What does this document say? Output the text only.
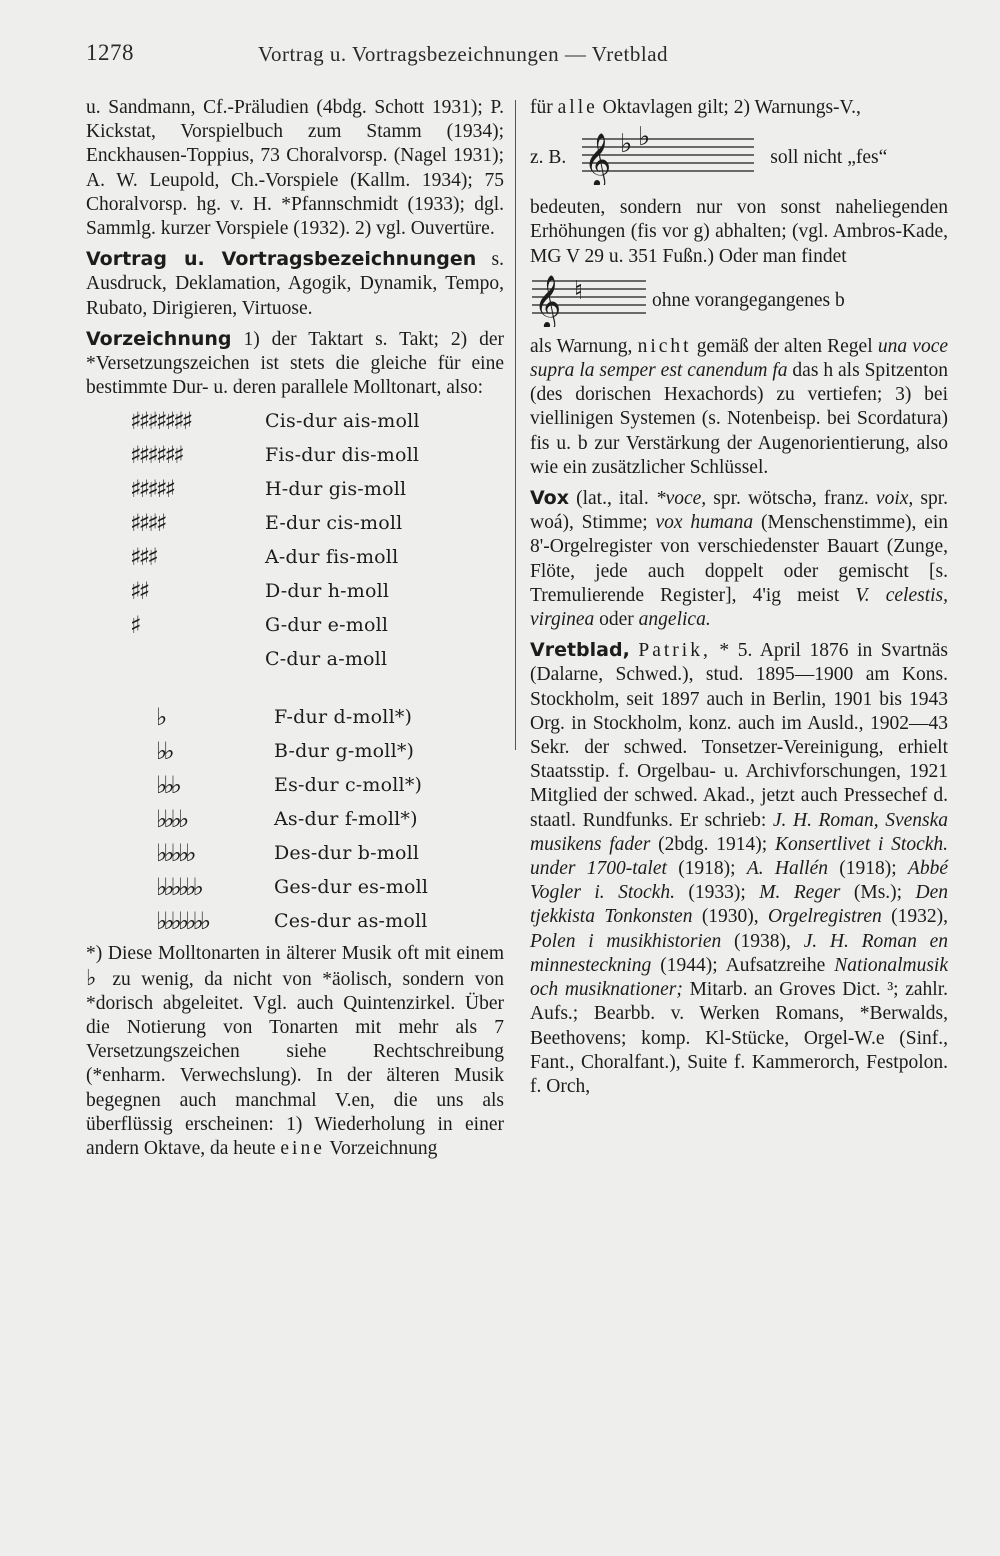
1278	Vortrag u. Vortragsbezeichnungen — Vretblad

u. Sandmann, Cf.-Präludien (4bdg. Schott 1931); P. Kickstat, Vorspielbuch zum Stamm (1934); Enckhausen-Toppius, 73 Choralvorsp. (Nagel 1931); A. W. Leupold, Ch.-Vorspiele (Kallm. 1934); 75 Choralvorsp. hg. v. H. *Pfannschmidt (1933); dgl. Sammlg. kurzer Vorspiele (1932). 2) vgl. Ouvertüre.

Vortrag u. Vortragsbezeichnungen s. Ausdruck, Deklamation, Agogik, Dynamik, Tempo, Rubato, Dirigieren, Virtuose.

Vorzeichnung 1) der Taktart s. Takt; 2) der *Versetzungszeichen ist stets die gleiche für eine bestimmte Dur- u. deren parallele Molltonart, also:

♯♯♯♯♯♯♯	Cis-dur ais-moll
♯♯♯♯♯♯	Fis-dur dis-moll
♯♯♯♯♯	H-dur gis-moll
♯♯♯♯	E-dur cis-moll
♯♯♯	A-dur fis-moll
♯♯	D-dur h-moll
♯	G-dur e-moll
C-dur a-moll
♭	F-dur d-moll*)
♭♭	B-dur g-moll*)
♭♭♭	Es-dur c-moll*)
♭♭♭♭	As-dur f-moll*)
♭♭♭♭♭	Des-dur b-moll
♭♭♭♭♭♭	Ges-dur es-moll
♭♭♭♭♭♭♭	Ces-dur as-moll

*) Diese Molltonarten in älterer Musik oft mit einem ♭ zu wenig, da nicht von *äolisch, sondern von *dorisch abgeleitet. Vgl. auch Quintenzirkel. Über die Notierung von Tonarten mit mehr als 7 Versetzungszeichen siehe Rechtschreibung (*enharm. Verwechslung). In der älteren Musik begegnen auch manchmal V.en, die uns als überflüssig erscheinen: 1) Wiederholung in einer andern Oktave, da heute eine Vorzeichnung

für alle Oktavlagen gilt; 2) Warnungs-V.,

z. B. 𝄞 ♭ ♭
soll nicht „fes“

bedeuten, sondern nur von sonst naheliegenden Erhöhungen (fis vor g) abhalten; (vgl. Ambros-Kade, MG V 29 u. 351 Fußn.) Oder man findet

𝄞 ♮	ohne vorangegangenes b

als Warnung, nicht gemäß der alten Regel una voce supra la semper est canendum fa das h als Spitzenton (des dorischen Hexachords) zu vertiefen; 3) bei viellinigen Systemen (s. Notenbeisp. bei Scordatura) fis u. b zur Verstärkung der Augenorientierung, also wie ein zusätzlicher Schlüssel.

Vox (lat., ital. *voce, spr. wötschə, franz. voix, spr. woá), Stimme; vox humana (Menschenstimme), ein 8'-Orgelregister von verschiedenster Bauart (Zunge, Flöte, jede auch doppelt oder gemischt [s. Tremulierende Register], 4'ig meist V. celestis, virginea oder angelica.

Vretblad, Patrik, * 5. April 1876 in Svartnäs (Dalarne, Schwed.), stud. 1895—1900 am Kons. Stockholm, seit 1897 auch in Berlin, 1901 bis 1943 Org. in Stockholm, konz. auch im Ausld., 1902—43 Sekr. der schwed. Tonsetzer-Vereinigung, erhielt Staatsstip. f. Orgelbau- u. Archivforschungen, 1921 Mitglied der schwed. Akad., jetzt auch Pressechef d. staatl. Rundfunks. Er schrieb: J. H. Roman, Svenska musikens fader (2bdg. 1914); Konsertlivet i Stockh. under 1700-talet (1918); A. Hallén (1918); Abbé Vogler i. Stockh. (1933); M. Reger (Ms.); Den tjekkista Tonkonsten (1930), Orgelregistren (1932), Polen i musikhistorien (1938), J. H. Roman en minnesteckning (1944); Aufsatzreihe Nationalmusik och musiknationer; Mitarb. an Groves Dict. ³; zahlr. Aufs.; Bearbb. v. Werken Romans, *Berwalds, Beethovens; komp. Kl-Stücke, Orgel-W.e (Sinf., Fant., Choralfant.), Suite f. Kammerorch, Festpolon. f. Orch,
